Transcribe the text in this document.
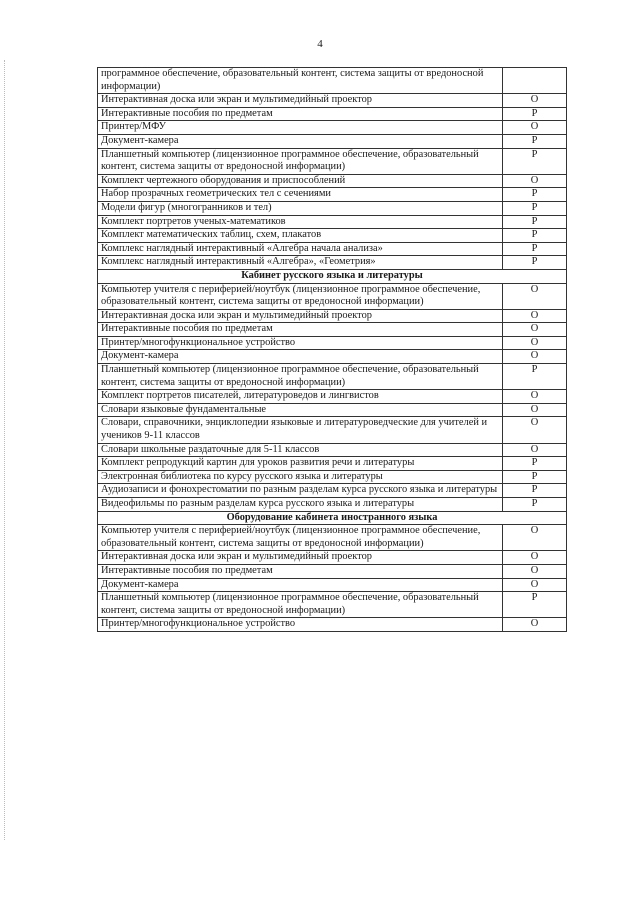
4
программное обеспечение, образовательный контент, система защиты от вредоносной информации)	
Интерактивная доска или экран и мультимедийный проектор	О
Интерактивные пособия по предметам	Р
Принтер/МФУ	О
Документ-камера	Р
Планшетный компьютер (лицензионное программное обеспечение, образовательный контент, система защиты от вредоносной информации)	Р
Комплект чертежного оборудования и приспособлений	О
Набор прозрачных геометрических тел с сечениями	Р
Модели фигур (многогранников и тел)	Р
Комплект портретов ученых-математиков	Р
Комплект математических таблиц, схем, плакатов	Р
Комплекс наглядный интерактивный «Алгебра начала анализа»	Р
Комплекс наглядный интерактивный «Алгебра», «Геометрия»	Р
Кабинет русского языка и литературы	
Компьютер учителя с периферией/ноутбук (лицензионное программное обеспечение, образовательный контент, система защиты от вредоносной информации)	О
Интерактивная доска или экран и мультимедийный проектор	О
Интерактивные пособия по предметам	О
Принтер/многофункциональное устройство	О
Документ-камера	О
Планшетный компьютер (лицензионное программное обеспечение, образовательный контент, система защиты от вредоносной информации)	Р
Комплект портретов писателей, литературоведов и лингвистов	О
Словари языковые фундаментальные	О
Словари, справочники, энциклопедии языковые и литературоведческие для учителей и учеников 9-11 классов	О
Словари школьные раздаточные для 5-11 классов	О
Комплект репродукций картин для уроков развития речи и литературы	Р
Электронная библиотека по курсу русского языка и литературы	Р
Аудиозаписи и фонохрестоматии по разным разделам курса русского языка и литературы	Р
Видеофильмы по разным разделам курса русского языка и литературы	Р
Оборудование кабинета иностранного языка	
Компьютер учителя с периферией/ноутбук (лицензионное программное обеспечение, образовательный контент, система защиты от вредоносной информации)	О
Интерактивная доска или экран и мультимедийный проектор	О
Интерактивные пособия по предметам	О
Документ-камера	О
Планшетный компьютер (лицензионное программное обеспечение, образовательный контент, система защиты от вредоносной информации)	Р
Принтер/многофункциональное устройство	О
